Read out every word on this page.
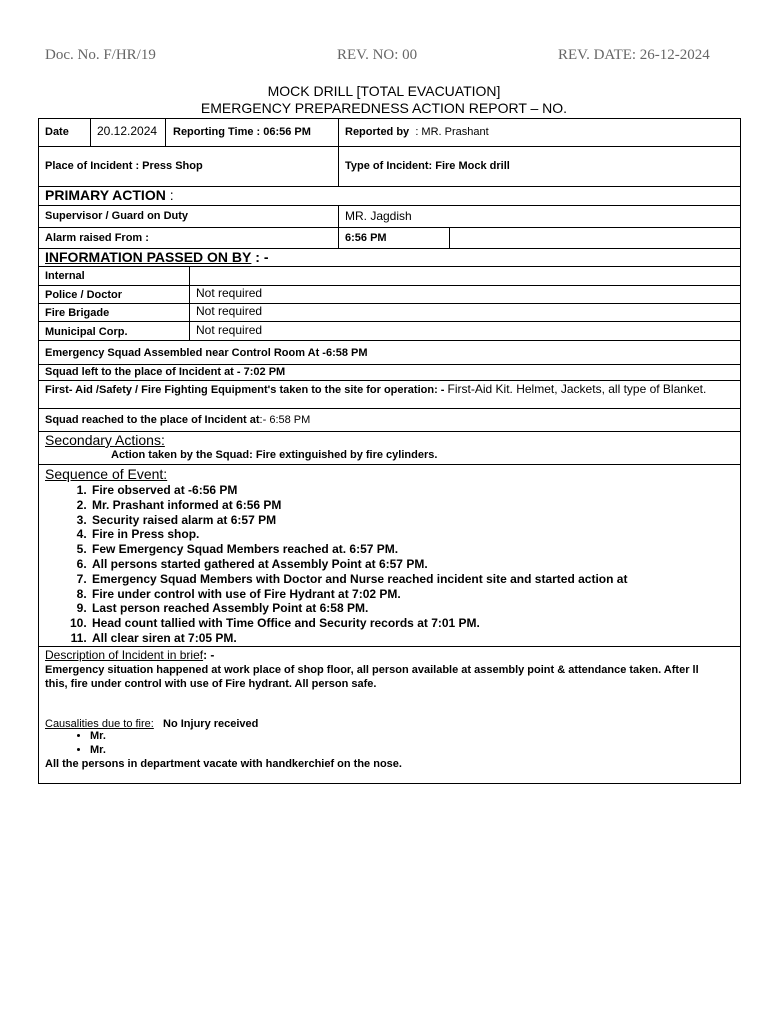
Doc. No. F/HR/19	REV. NO: 00	REV. DATE: 26-12-2024
MOCK DRILL [TOTAL EVACUATION]
EMERGENCY PREPAREDNESS ACTION REPORT – NO.
Date 20.12.2024 Reporting Time : 06:56 PM	Reported by : MR. Prashant
Place of Incident : Press Shop	Type of Incident: Fire Mock drill
PRIMARY ACTION :
Supervisor / Guard on Duty	MR. Jagdish
Alarm raised From :	6:56 PM
INFORMATION PASSED ON BY : -
Internal
Police / Doctor	Not required
Fire Brigade	Not required
Municipal Corp.	Not required
Emergency Squad Assembled near Control Room At -6:58 PM
Squad left to the place of Incident at - 7:02 PM
First- Aid /Safety / Fire Fighting Equipment's taken to the site for operation: - First-Aid Kit. Helmet, Jackets, all type of Blanket.
Squad reached to the place of Incident at:- 6:58 PM
Secondary Actions:
Action taken by the Squad: Fire extinguished by fire cylinders.
Sequence of Event:
1. Fire observed at -6:56 PM
2. Mr. Prashant informed at 6:56 PM
3. Security raised alarm at 6:57 PM
4. Fire in Press shop.
5. Few Emergency Squad Members reached at. 6:57 PM.
6. All persons started gathered at Assembly Point at 6:57 PM.
7. Emergency Squad Members with Doctor and Nurse reached incident site and started action at
8. Fire under control with use of Fire Hydrant at 7:02 PM.
9. Last person reached Assembly Point at 6:58 PM.
10. Head count tallied with Time Office and Security records at 7:01 PM.
11. All clear siren at 7:05 PM.
Description of Incident in brief: -
Emergency situation happened at work place of shop floor, all person available at assembly point & attendance taken. After ll
this, fire under control with use of Fire hydrant. All person safe.
Causalities due to fire: No Injury received
• Mr.
• Mr.
All the persons in department vacate with handkerchief on the nose.
